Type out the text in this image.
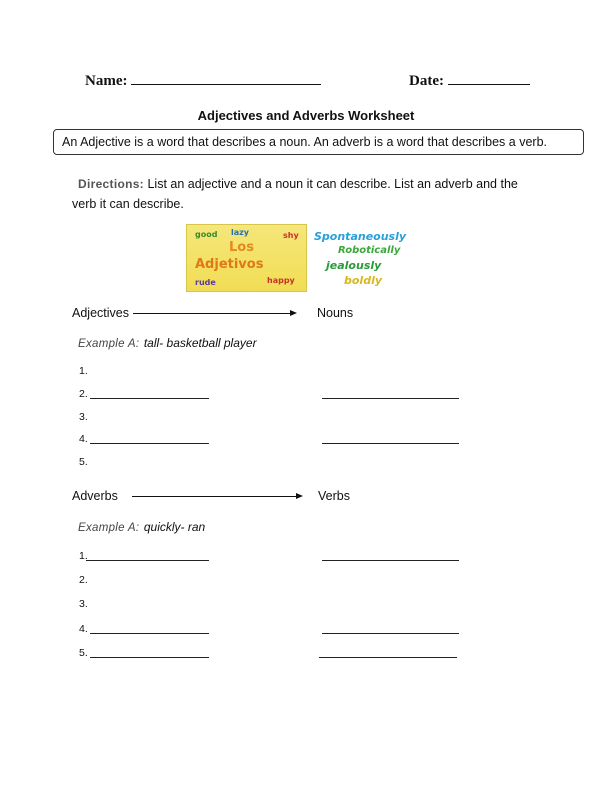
Name:	Date:
Adjectives and Adverbs Worksheet
An Adjective is a word that describes a noun. An adverb is a word that describes a verb.
Directions: List an adjective and a noun it can describe. List an adverb and the
verb it can describe.
good lazy	shy
Los
Adjetivos
rude	happy
Spontaneously
Robotically
jealously
boldly
Adjectives	Nouns
Example A: tall- basketball player
1.
2.
3.
4.
5.
Adverbs	Verbs
Example A: quickly- ran
1.
2.
3.
4.
5.
